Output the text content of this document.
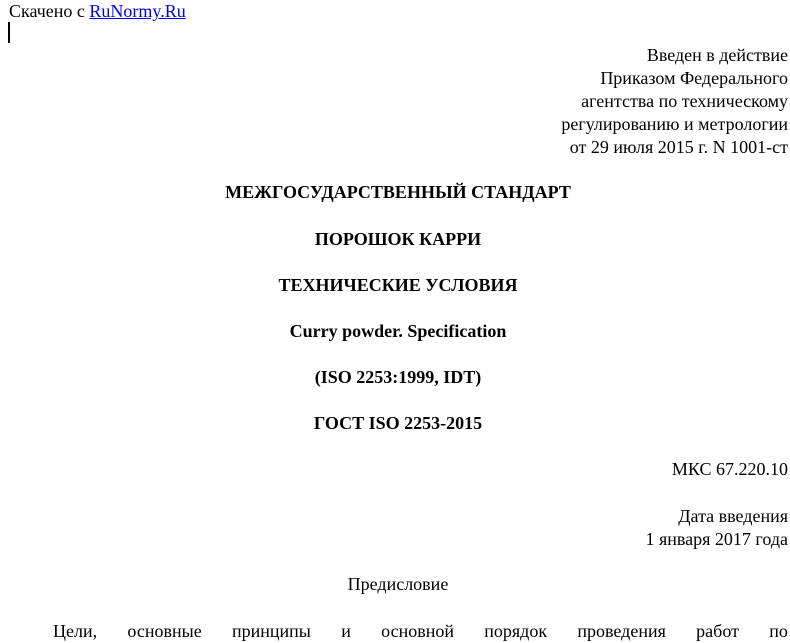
Скачено с RuNormy.Ru
Введен в действие
Приказом Федерального
агентства по техническому
регулированию и метрологии
от 29 июля 2015 г. N 1001-ст
МЕЖГОСУДАРСТВЕННЫЙ СТАНДАРТ
ПОРОШОК КАРРИ
ТЕХНИЧЕСКИЕ УСЛОВИЯ
Curry powder. Specification
(ISO 2253:1999, IDT)
ГОСТ ISO 2253-2015
МКС 67.220.10
Дата введения
1 января 2017 года
Предисловие
Цели, основные принципы и основной порядок проведения работ по
